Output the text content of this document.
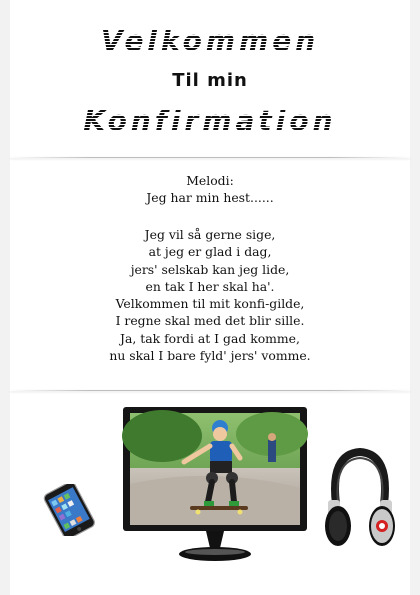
Velkommen
Til min
Konfirmation
Melodi:
Jeg har min hest......
Jeg vil så gerne sige,
at jeg er glad i dag,
jers' selskab kan jeg lide,
en tak I her skal ha'.
Velkommen til mit konfi-gilde,
I regne skal med det blir sille.
Ja, tak fordi at I gad komme,
nu skal I bare fyld' jers' vomme.
